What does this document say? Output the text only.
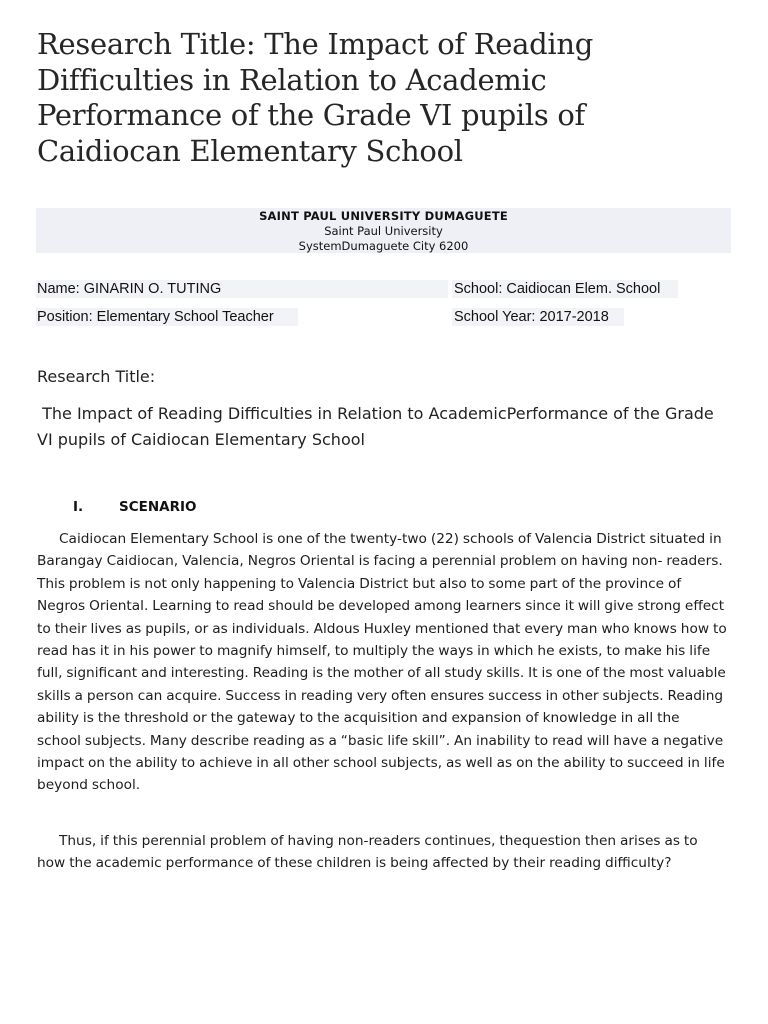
Research Title: The Impact of Reading Difficulties in Relation to Academic Performance of the Grade VI pupils of Caidiocan Elementary School
SAINT PAUL UNIVERSITY DUMAGUETE
Saint Paul University
SystemDumaguete City 6200
Name: GINARIN O. TUTING	School: Caidiocan Elem. School
Position: Elementary School Teacher	School Year: 2017-2018
Research Title:

The Impact of Reading Difficulties in Relation to AcademicPerformance of the Grade VI pupils of Caidiocan Elementary School

I.	SCENARIO

Caidiocan Elementary School is one of the twenty-two (22) schools of Valencia District situated in Barangay Caidiocan, Valencia, Negros Oriental is facing a perennial problem on having non- readers. This problem is not only happening to Valencia District but also to some part of the province of Negros Oriental. Learning to read should be developed among learners since it will give strong effect to their lives as pupils, or as individuals. Aldous Huxley mentioned that every man who knows how to read has it in his power to magnify himself, to multiply the ways in which he exists, to make his life full, significant and interesting. Reading is the mother of all study skills. It is one of the most valuable skills a person can acquire. Success in reading very often ensures success in other subjects. Reading ability is the threshold or the gateway to the acquisition and expansion of knowledge in all the school subjects. Many describe reading as a “basic life skill”. An inability to read will have a negative impact on the ability to achieve in all other school subjects, as well as on the ability to succeed in life beyond school.

Thus, if this perennial problem of having non-readers continues, thequestion then arises as to how the academic performance of these children is being affected by their reading difficulty?
